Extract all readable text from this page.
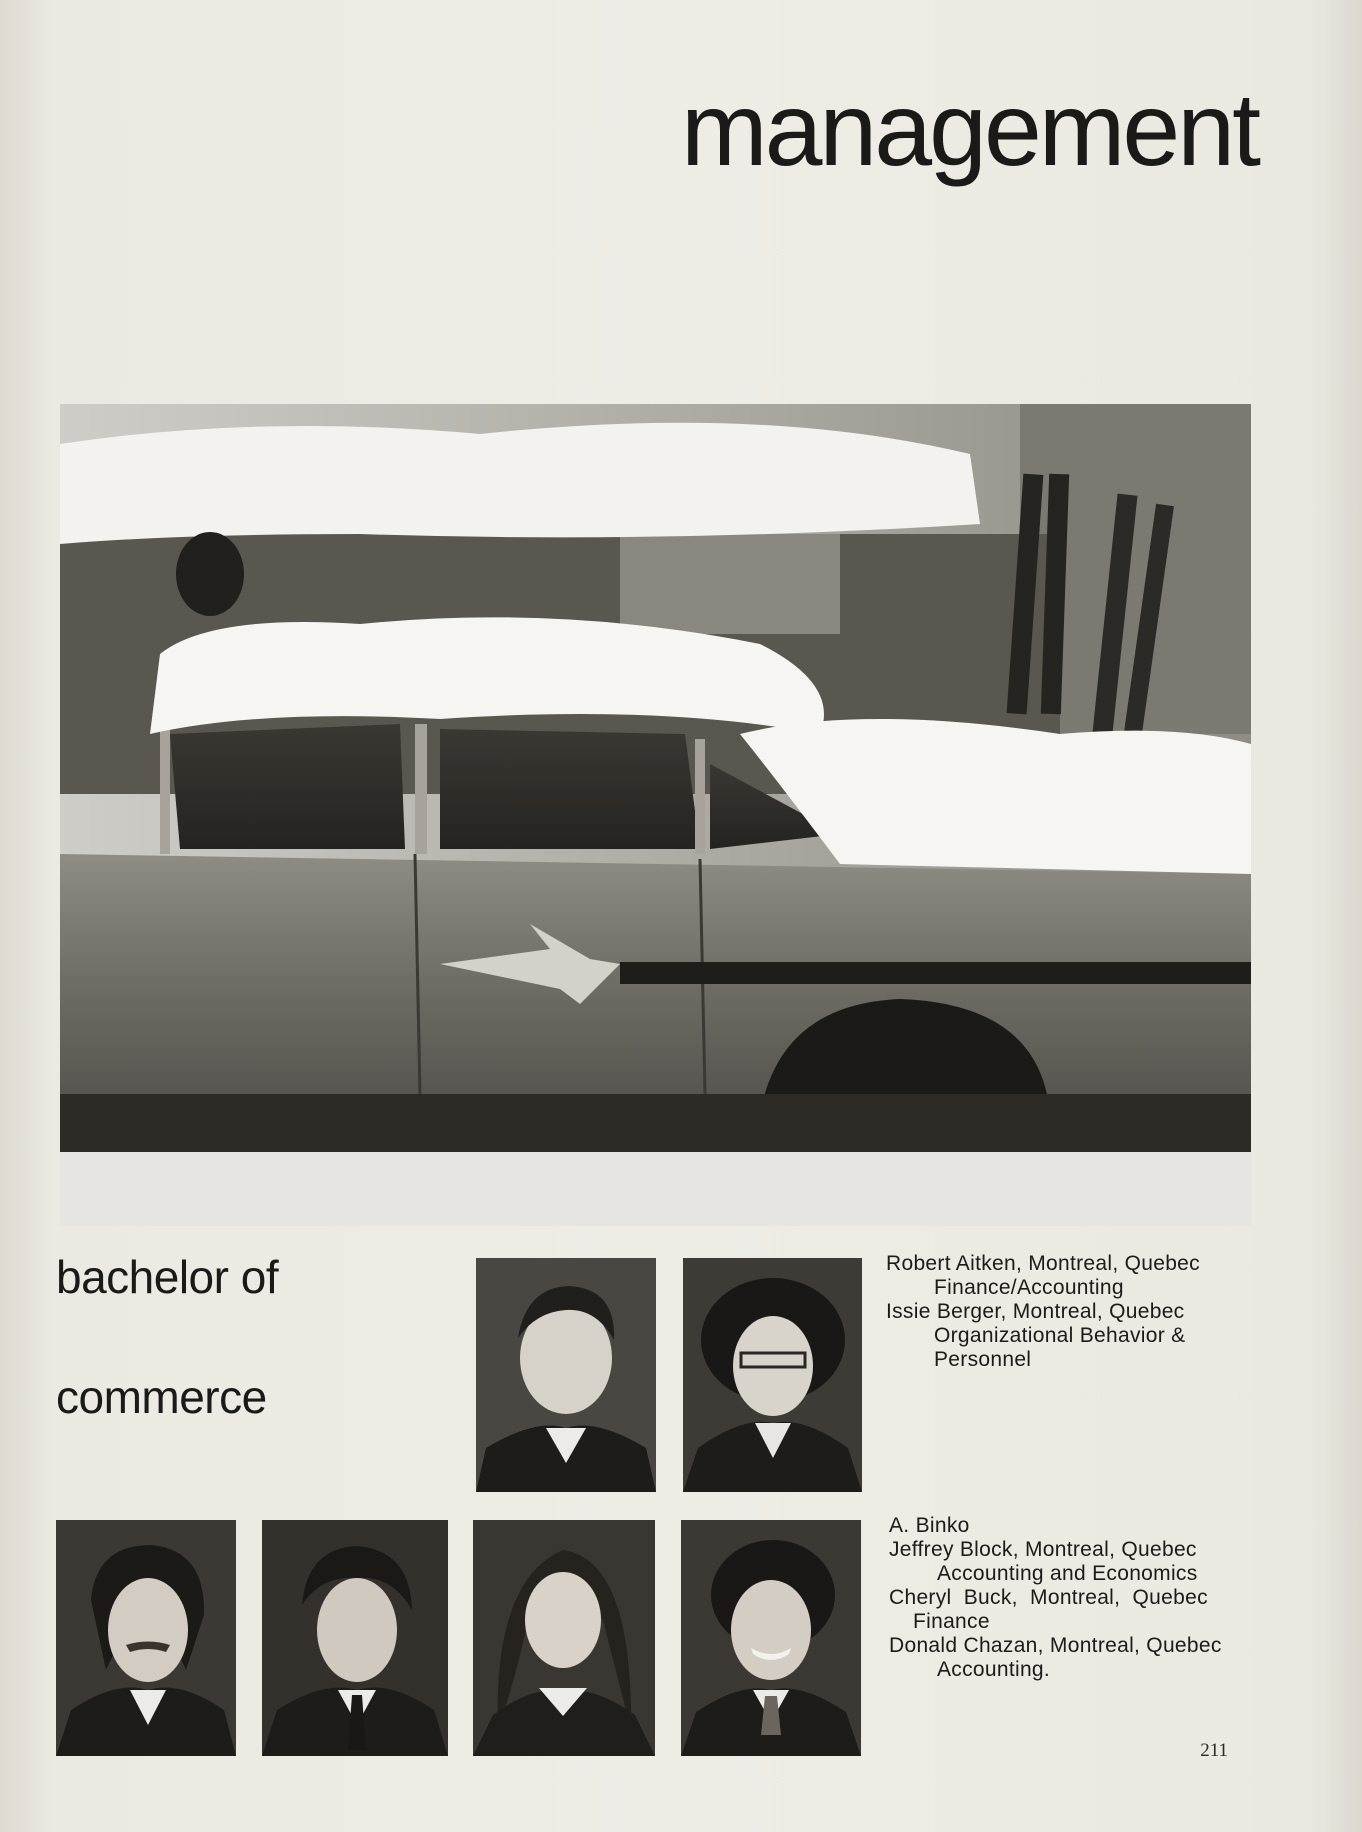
management
bachelor of
commerce
Robert Aitken, Montreal, Quebec
Finance/Accounting
Issie Berger, Montreal, Quebec
Organizational Behavior &
Personnel
A. Binko
Jeffrey Block, Montreal, Quebec
Accounting and Economics
Cheryl  Buck,  Montreal,  Quebec
Finance
Donald Chazan, Montreal, Quebec
Accounting.
211
